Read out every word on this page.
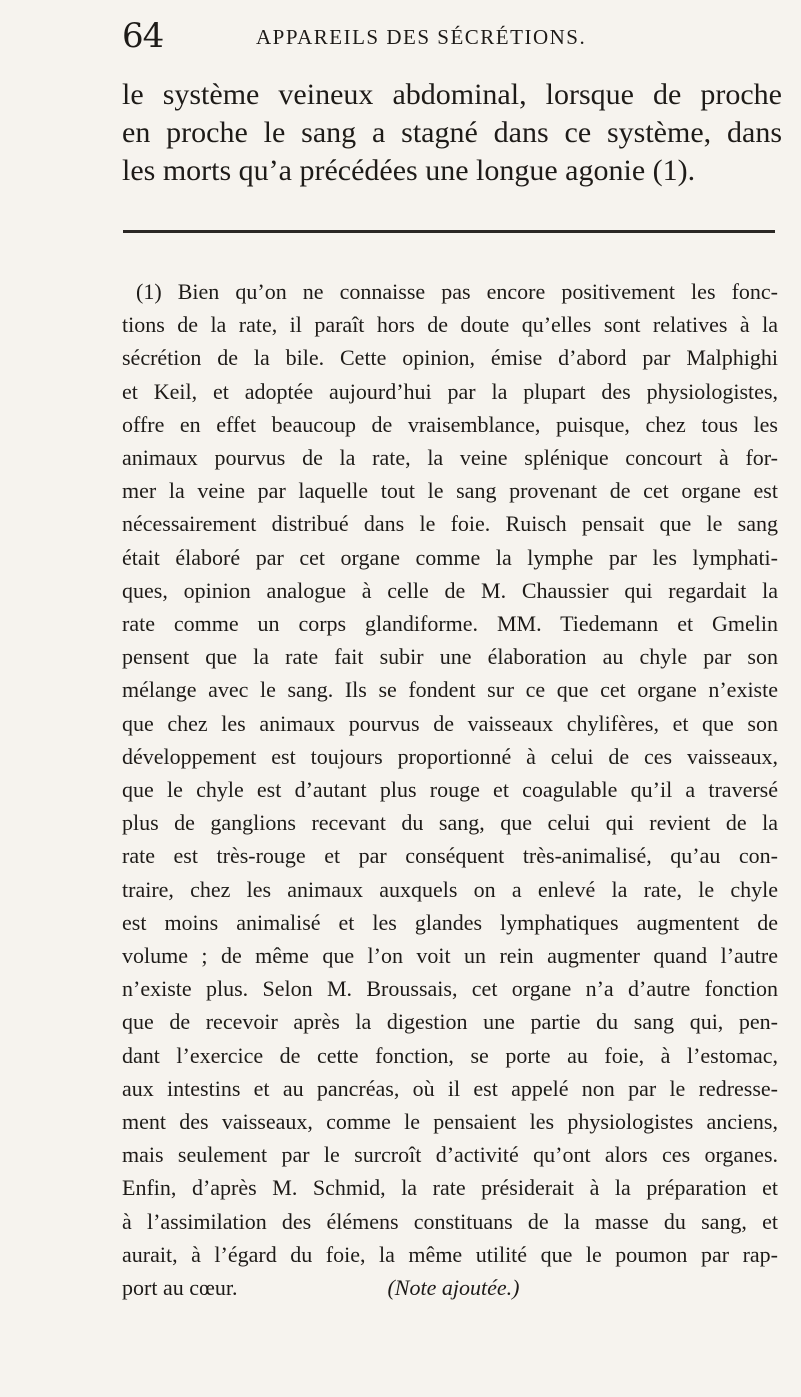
64	APPAREILS DES SÉCRÉTIONS.

le système veineux abdominal, lorsque de proche
en proche le sang a stagné dans ce système, dans
les morts qu’a précédées une longue agonie (1).

(1) Bien qu’on ne connaisse pas encore positivement les fonc-
tions de la rate, il paraît hors de doute qu’elles sont relatives à la
sécrétion de la bile. Cette opinion, émise d’abord par Malphighi
et Keil, et adoptée aujourd’hui par la plupart des physiologistes,
offre en effet beaucoup de vraisemblance, puisque, chez tous les
animaux pourvus de la rate, la veine splénique concourt à for-
mer la veine par laquelle tout le sang provenant de cet organe est
nécessairement distribué dans le foie. Ruisch pensait que le sang
était élaboré par cet organe comme la lymphe par les lymphati-
ques, opinion analogue à celle de M. Chaussier qui regardait la
rate comme un corps glandiforme. MM. Tiedemann et Gmelin
pensent que la rate fait subir une élaboration au chyle par son
mélange avec le sang. Ils se fondent sur ce que cet organe n’existe
que chez les animaux pourvus de vaisseaux chylifères, et que son
développement est toujours proportionné à celui de ces vaisseaux,
que le chyle est d’autant plus rouge et coagulable qu’il a traversé
plus de ganglions recevant du sang, que celui qui revient de la
rate est très-rouge et par conséquent très-animalisé, qu’au con-
traire, chez les animaux auxquels on a enlevé la rate, le chyle
est moins animalisé et les glandes lymphatiques augmentent de
volume ; de même que l’on voit un rein augmenter quand l’autre
n’existe plus. Selon M. Broussais, cet organe n’a d’autre fonction
que de recevoir après la digestion une partie du sang qui, pen-
dant l’exercice de cette fonction, se porte au foie, à l’estomac,
aux intestins et au pancréas, où il est appelé non par le redresse-
ment des vaisseaux, comme le pensaient les physiologistes anciens,
mais seulement par le surcroît d’activité qu’ont alors ces organes.
Enfin, d’après M. Schmid, la rate présiderait à la préparation et
à l’assimilation des élémens constituans de la masse du sang, et
aurait, à l’égard du foie, la même utilité que le poumon par rap-
port au cœur.	(Note ajoutée.)
